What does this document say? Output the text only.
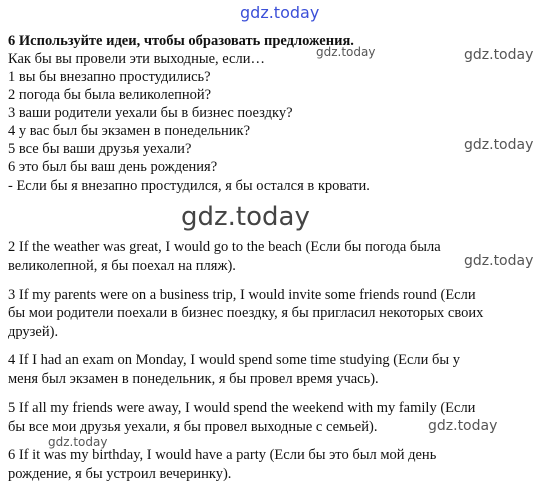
gdz.today
gdz.today	gdz.today
gdz.today
gdz.today
gdz.today
gdz.today
6 Используйте идеи, чтобы образовать предложения.
Как бы вы провели эти выходные, если…
1 вы бы внезапно простудились?
2 погода бы была великолепной?
3 ваши родители уехали бы в бизнес поездку?
4 у вас был бы экзамен в понедельник?
5 все бы ваши друзья уехали?
6 это был бы ваш день рождения?
- Если бы я внезапно простудился, я бы остался в кровати.
2 If the weather was great, I would go to the beach (Если бы погода была
великолепной, я бы поехал на пляж).
3 If my parents were on a business trip, I would invite some friends round (Если
бы мои родители поехали в бизнес поездку, я бы пригласил некоторых своих
друзей).
4 If I had an exam on Monday, I would spend some time studying (Если бы у
меня был экзамен в понедельник, я бы провел время учась).
5 If all my friends were away, I would spend the weekend with my family (Если
бы все мои друзья уехали, я бы провел выходные с семьей).	gdz.today
6 If it was my birthday, I would have a party (Если бы это был мой день
рождение, я бы устроил вечеринку).
